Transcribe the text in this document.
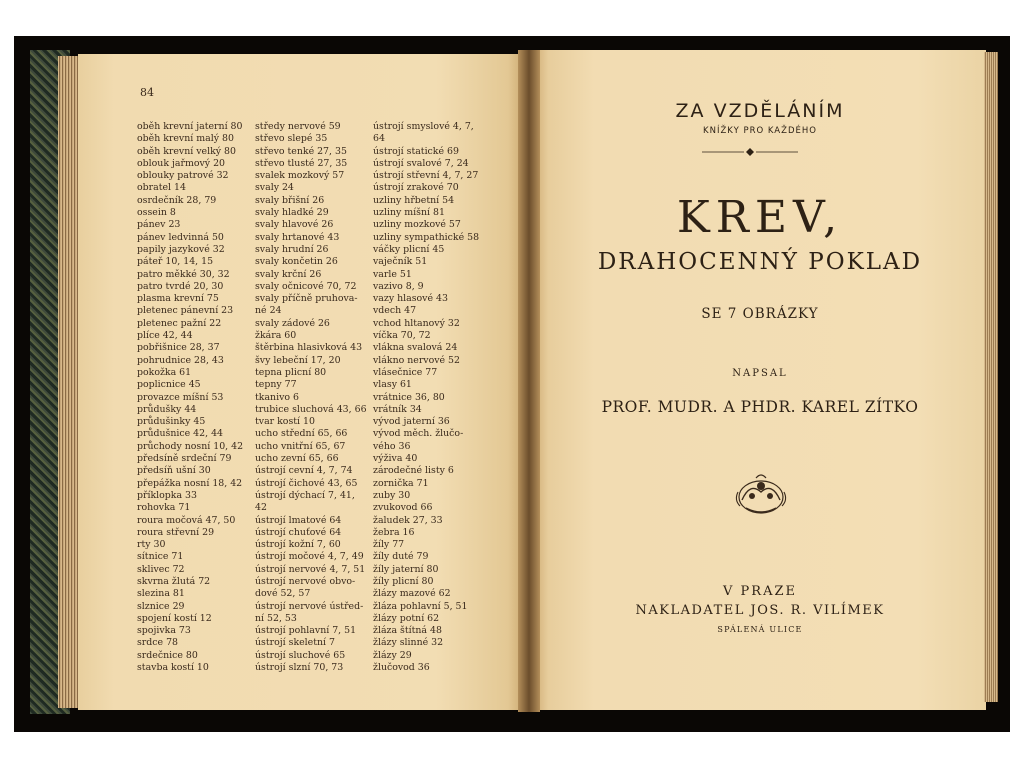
84
oběh krevní jaterní 80
oběh krevní malý 80
oběh krevní velký 80
oblouk jařmový 20
oblouky patrové 32
obratel 14
osrdečník 28, 79
ossein 8
pánev 23
pánev ledvinná 50
papily jazykové 32
páteř 10, 14, 15
patro měkké 30, 32
patro tvrdé 20, 30
plasma krevní 75
pleteneс pánevní 23
pleteneс pažní 22
plíce 42, 44
pobřišnice 28, 37
pohrudnice 28, 43
pokožka 61
poplicnice 45
provazce míšní 53
průdušky 44
průdušinky 45
průdušnice 42, 44
průchody nosní 10, 42
předsíně srdeční 79
předsíň ušní 30
přepážka nosní 18, 42
příklopka 33
rohovka 71
roura močová 47, 50
roura střevní 29
rty 30
sítnice 71
sklivec 72
skvrna žlutá 72
slezina 81
slznice 29
spojení kostí 12
spojivka 73
srdce 78
srdečnice 80
stavba kostí 10
středy nervové 59
střevo slepé 35
střevo tenké 27, 35
střevo tlusté 27, 35
svalek mozkový 57
svaly 24
svaly břišní 26
svaly hladké 29
svaly hlavové 26
svaly hrtanové 43
svaly hrudní 26
svaly končetin 26
svaly krční 26
svaly očnicové 70, 72
svaly příčně pruhova-
né 24
svaly zádové 26
žkára 60
štěrbina hlasivková 43
švy lebeční 17, 20
tepna plicní 80
tepny 77
tkanivo 6
trubice sluchová 43, 66
tvar kostí 10
ucho střední 65, 66
ucho vnitřní 65, 67
ucho zevní 65, 66
ústrojí cevní 4, 7, 74
ústrojí čichové 43, 65
ústrojí dýchací 7, 41,
42
ústrojí lmatové 64
ústrojí chuťové 64
ústrojí kožní 7, 60
ústrojí močové 4, 7, 49
ústrojí nervové 4, 7, 51
ústrojí nervové obvo-
dové 52, 57
ústrojí nervové ústřed-
ní 52, 53
ústrojí pohlavní 7, 51
ústrojí skeletní 7
ústrojí sluchové 65
ústrojí slzní 70, 73
ústrojí smyslové 4, 7,
64
ústrojí statické 69
ústrojí svalové 7, 24
ústrojí střevní 4, 7, 27
ústrojí zrakové 70
uzliny hřbetní 54
uzliny míšní 81
uzliny mozkové 57
uzliny sympathické 58
váčky plicní 45
vaječník 51
varle 51
vazivo 8, 9
vazy hlasové 43
vdech 47
vchod hltanový 32
víčka 70, 72
vlákna svalová 24
vlákno nervové 52
vlásečnice 77
vlasy 61
vrátnice 36, 80
vrátník 34
vývod jaterní 36
vývod měch. žlučo-
vého 36
výživa 40
zárodečné listy 6
zornička 71
zuby 30
zvukovod 66
žaludek 27, 33
žebra 16
žíly 77
žíly duté 79
žíly jaterní 80
žíly plicní 80
žlázy mazové 62
žláza pohlavní 5, 51
žlázy potní 62
žláza štítná 48
žlázy slinné 32
žlázy 29
žlučovod 36
ZA VZDĚLÁNÍM
KNÍŽKY PRO KAŽDÉHO
KREV,
DRAHOCENNÝ POKLAD
SE 7 OBRÁZKY
NAPSAL
PROF. MUDR. A PHDR. KAREL ZÍTKO
V PRAZE
NAKLADATEL JOS. R. VILÍMEK
SPÁLENÁ ULICE
